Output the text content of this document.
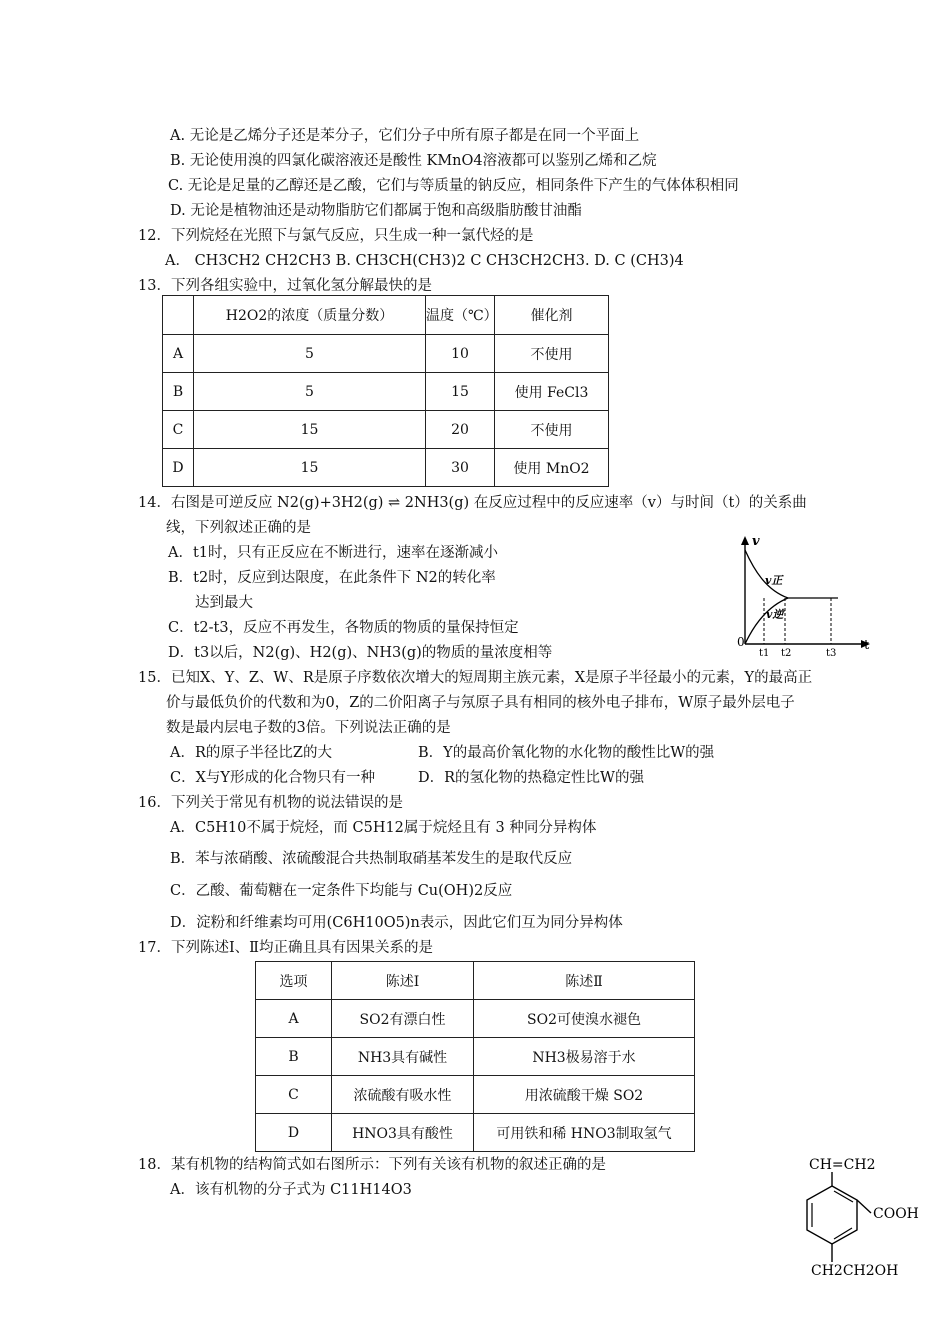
A. 无论是乙烯分子还是苯分子，它们分子中所有原子都是在同一个平面上
B. 无论使用溴的四氯化碳溶液还是酸性 KMnO4溶液都可以鉴别乙烯和乙烷
C. 无论是足量的乙醇还是乙酸，它们与等质量的钠反应，相同条件下产生的气体体积相同
D. 无论是植物油还是动物脂肪它们都属于饱和高级脂肪酸甘油酯
12．下列烷烃在光照下与氯气反应，只生成一种一氯代烃的是
A． CH3CH2 CH2CH3 B. CH3CH(CH3)2 C CH3CH2CH3. D. C (CH3)4
13．下列各组实验中，过氧化氢分解最快的是
	H2O2的浓度（质量分数）	温度（℃）	催化剂
A	5	10	不使用
B	5	15	使用 FeCl3
C	15	20	不使用
D	15	30	使用 MnO2
14．右图是可逆反应 N2(g)+3H2(g) ⇌ 2NH3(g) 在反应过程中的反应速率（v）与时间（t）的关系曲
线，下列叙述正确的是
A．t1时，只有正反应在不断进行，速率在逐渐减小
B．t2时，反应到达限度，在此条件下 N2的转化率
达到最大
C．t2-t3，反应不再发生，各物质的物质的量保持恒定
D．t3以后，N2(g)、H2(g)、NH3(g)的物质的量浓度相等
v
t
0
v正
v逆
t1 t2	t3
15．已知X、Y、Z、W、R是原子序数依次增大的短周期主族元素，X是原子半径最小的元素，Y的最高正
价与最低负价的代数和为0，Z的二价阳离子与氖原子具有相同的核外电子排布，W原子最外层电子
数是最内层电子数的3倍。下列说法正确的是
A．R的原子半径比Z的大	B．Y的最高价氧化物的水化物的酸性比W的强
C．X与Y形成的化合物只有一种	D．R的氢化物的热稳定性比W的强
16．下列关于常见有机物的说法错误的是
A．C5H10不属于烷烃，而 C5H12属于烷烃且有 3 种同分异构体
B．苯与浓硝酸、浓硫酸混合共热制取硝基苯发生的是取代反应
C．乙酸、葡萄糖在一定条件下均能与 Cu(OH)2反应
D．淀粉和纤维素均可用(C6H10O5)n表示，因此它们互为同分异构体
17．下列陈述Ⅰ、Ⅱ均正确且具有因果关系的是
选项	陈述Ⅰ	陈述Ⅱ
A	SO2有漂白性	SO2可使溴水褪色
B	NH3具有碱性	NH3极易溶于水
C	浓硫酸有吸水性	用浓硫酸干燥 SO2
D	HNO3具有酸性	可用铁和稀 HNO3制取氢气
18．某有机物的结构简式如右图所示：下列有关该有机物的叙述正确的是
A．该有机物的分子式为 C11H14O3
CH=CH2
COOH
CH2CH2OH
